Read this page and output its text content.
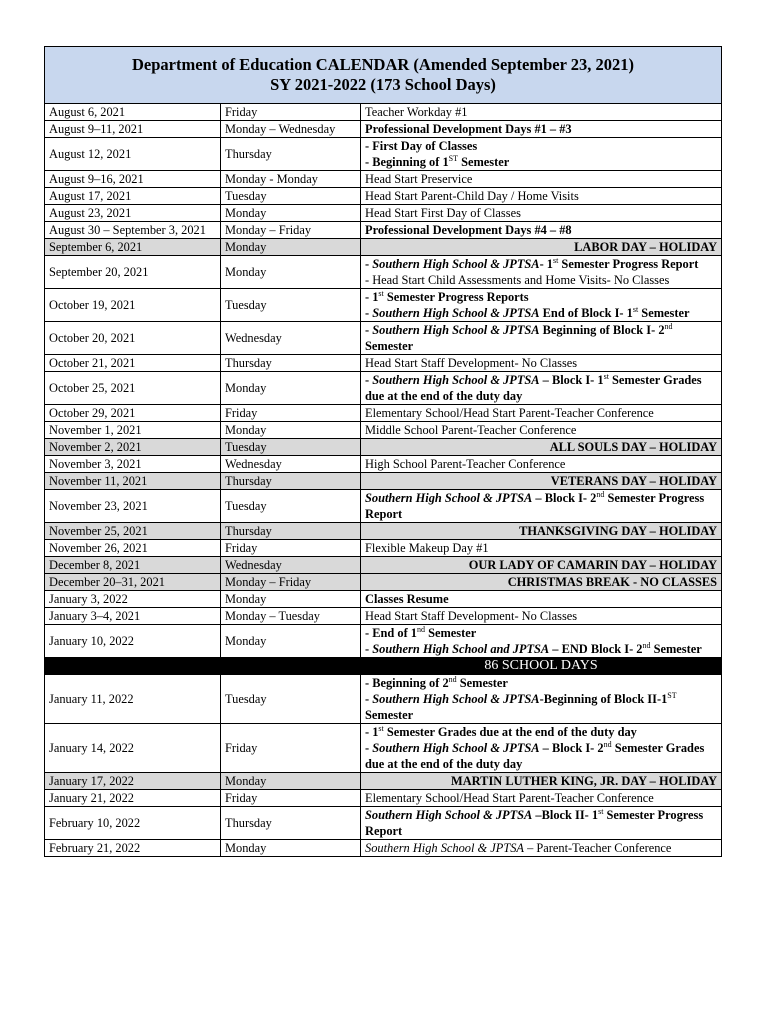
Department of Education CALENDAR (Amended September 23, 2021)
SY 2021-2022 (173 School Days)		

August 6, 2021	Friday	Teacher Workday #1

August 9–11, 2021	Monday – Wednesday	Professional Development Days #1 – #3

August 12, 2021	Thursday	- First Day of Classes
- Beginning of 1ST Semester

August 9–16, 2021	Monday - Monday	Head Start Preservice

August 17, 2021	Tuesday	Head Start Parent-Child Day / Home Visits

August 23, 2021	Monday	Head Start First Day of Classes

August 30 – September 3, 2021	Monday – Friday	Professional Development Days #4 – #8

September 6, 2021	Monday	LABOR DAY – HOLIDAY

September 20, 2021	Monday	- Southern High School & JPTSA- 1st Semester Progress Report
- Head Start Child Assessments and Home Visits- No Classes

October 19, 2021	Tuesday	- 1st Semester Progress Reports
- Southern High School & JPTSA End of Block I- 1st Semester

October 20, 2021	Wednesday	- Southern High School & JPTSA Beginning of Block I- 2nd Semester

October 21, 2021	Thursday	Head Start Staff Development- No Classes

October 25, 2021	Monday	- Southern High School & JPTSA – Block I- 1st Semester Grades due at the end of the duty day

October 29, 2021	Friday	Elementary School/Head Start Parent-Teacher Conference

November 1, 2021	Monday	Middle School Parent-Teacher Conference

November 2, 2021	Tuesday	ALL SOULS DAY – HOLIDAY

November 3, 2021	Wednesday	High School Parent-Teacher Conference

November 11, 2021	Thursday	VETERANS DAY – HOLIDAY

November 23, 2021	Tuesday	Southern High School & JPTSA – Block I- 2nd Semester Progress Report

November 25, 2021	Thursday	THANKSGIVING DAY – HOLIDAY

November 26, 2021	Friday	Flexible Makeup Day #1

December 8, 2021	Wednesday	OUR LADY OF CAMARIN DAY – HOLIDAY

December 20–31, 2021	Monday – Friday	CHRISTMAS BREAK - NO CLASSES

January 3, 2022	Monday	Classes Resume

January 3–4, 2021	Monday – Tuesday	Head Start Staff Development- No Classes

January 10, 2022	Monday	- End of 1nd Semester
- Southern High School and JPTSA – END Block I- 2nd Semester

		86 SCHOOL DAYS

January 11, 2022	Tuesday	- Beginning of 2nd Semester
- Southern High School & JPTSA-Beginning of Block II-1ST Semester

January 14, 2022	Friday	- 1st Semester Grades due at the end of the duty day
- Southern High School & JPTSA – Block I- 2nd Semester Grades due at the end of the duty day

January 17, 2022	Monday	MARTIN LUTHER KING, JR. DAY – HOLIDAY

January 21, 2022	Friday	Elementary School/Head Start Parent-Teacher Conference

February 10, 2022	Thursday	Southern High School & JPTSA –Block II- 1st Semester Progress Report

February 21, 2022	Monday	Southern High School & JPTSA – Parent-Teacher Conference
